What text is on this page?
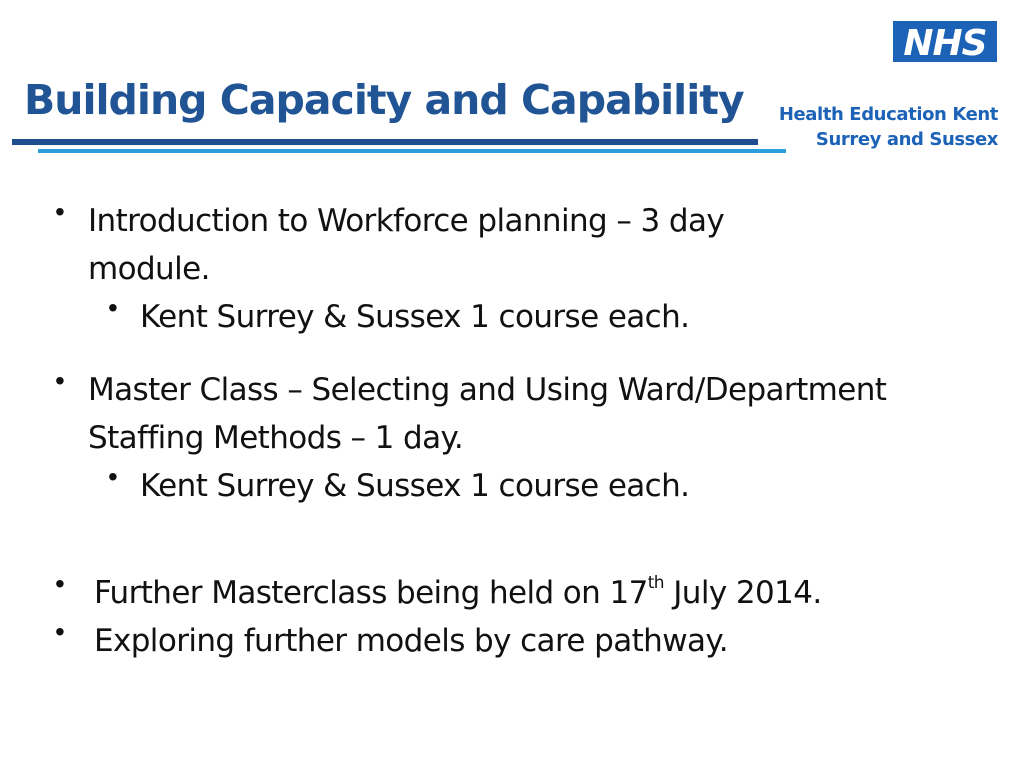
Building Capacity and Capability
NHS
Health Education Kent
Surrey and Sussex
• Introduction to Workforce planning – 3 day
module.
• Kent Surrey & Sussex 1 course each.
• Master Class – Selecting and Using Ward/Department
Staffing Methods – 1 day.
• Kent Surrey & Sussex 1 course each.
• Further Masterclass being held on 17th July 2014.
• Exploring further models by care pathway.
